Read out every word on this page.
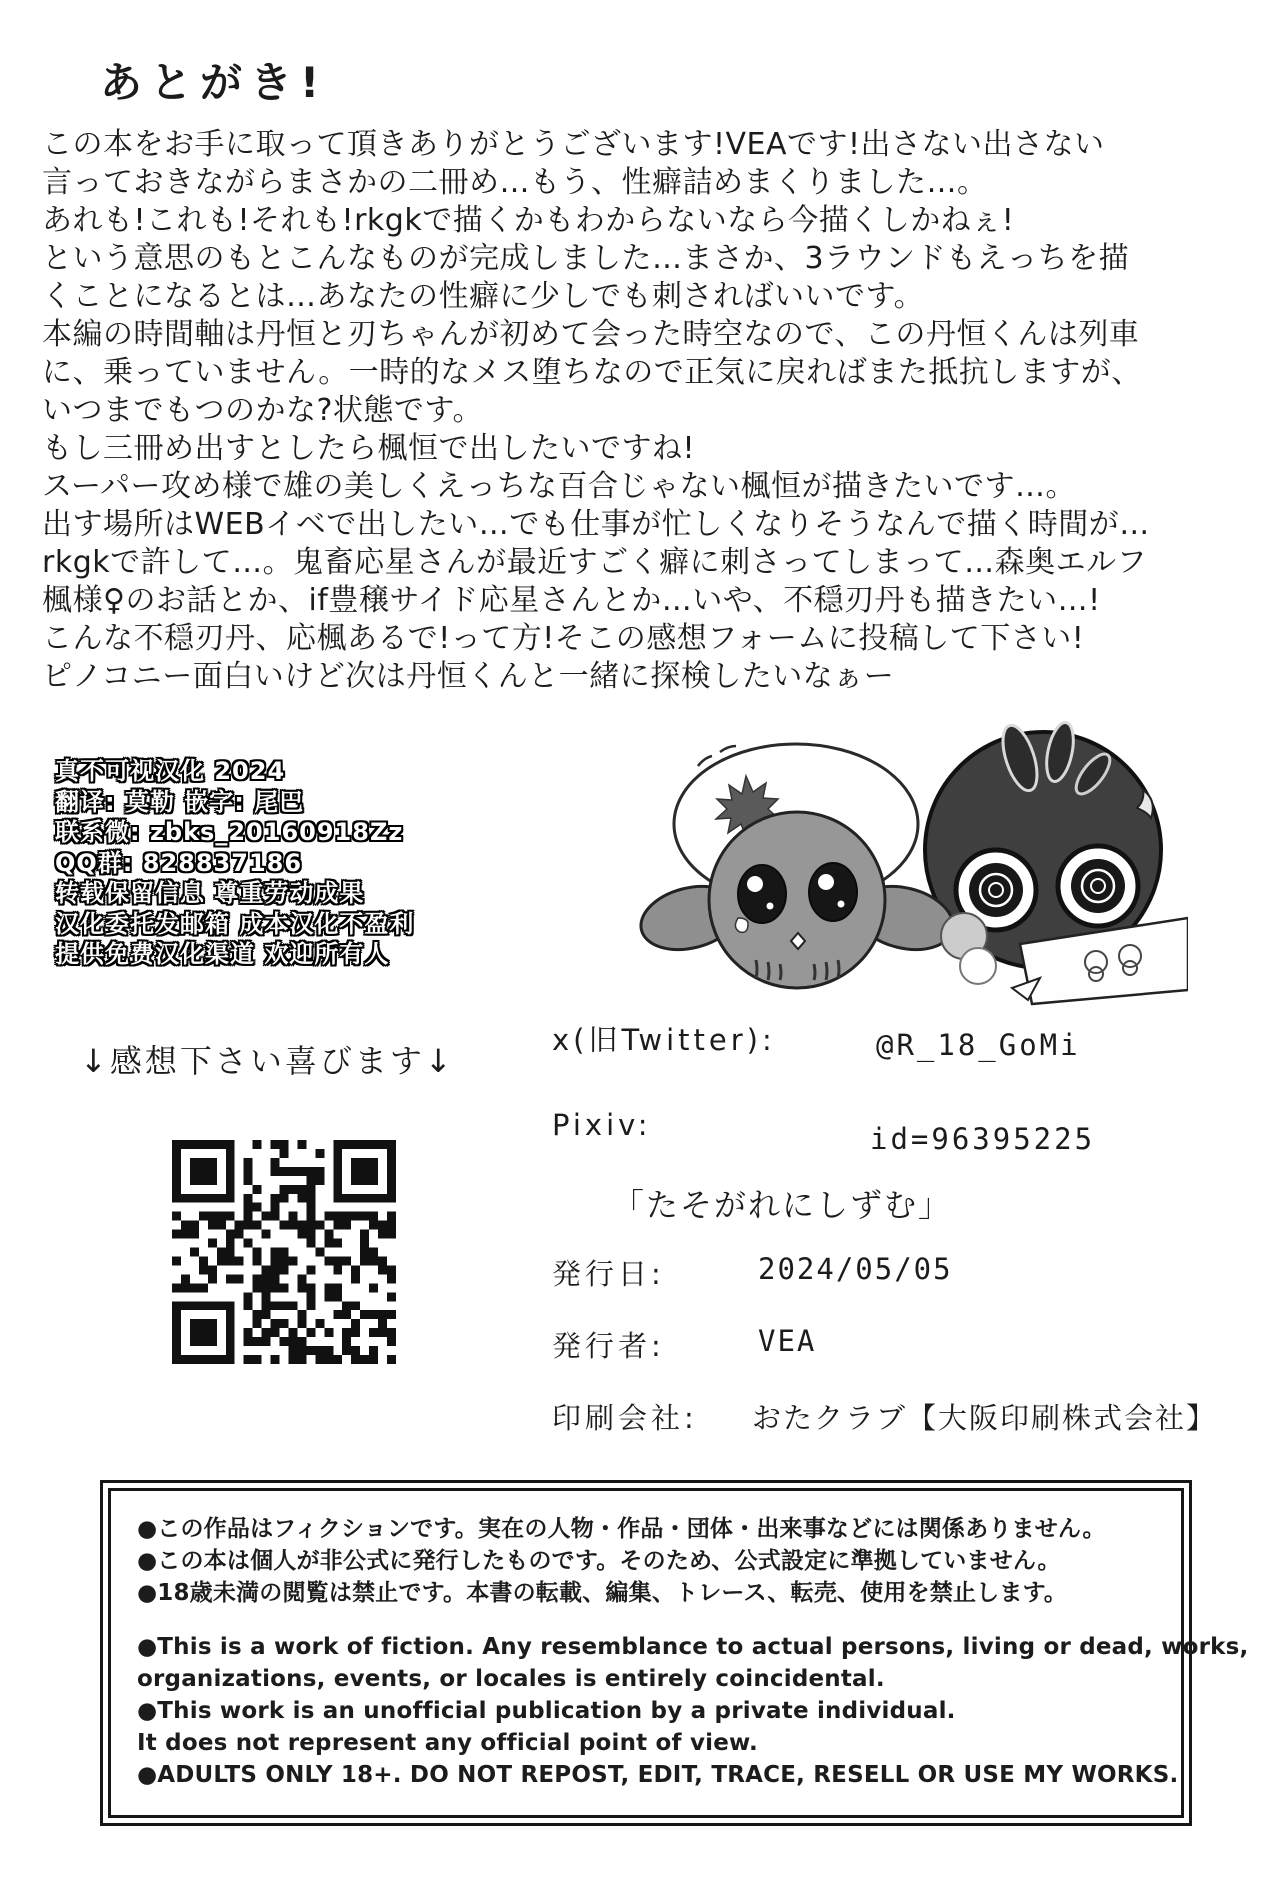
あとがき!
この本をお手に取って頂きありがとうございます!VEAです!出さない出さない
言っておきながらまさかの二冊め…もう、性癖詰めまくりました…。
あれも!これも!それも!rkgkで描くかもわからないなら今描くしかねぇ!
という意思のもとこんなものが完成しました…まさか、3ラウンドもえっちを描
くことになるとは…あなたの性癖に少しでも刺さればいいです。
本編の時間軸は丹恒と刃ちゃんが初めて会った時空なので、この丹恒くんは列車
に、乗っていません。一時的なメス堕ちなので正気に戻ればまた抵抗しますが、
いつまでもつのかな?状態です。
もし三冊め出すとしたら楓恒で出したいですね!
スーパー攻め様で雄の美しくえっちな百合じゃない楓恒が描きたいです…。
出す場所はWEBイベで出したい…でも仕事が忙しくなりそうなんで描く時間が…
rkgkで許して…。鬼畜応星さんが最近すごく癖に刺さってしまって…森奥エルフ
楓様♀のお話とか、if豊穣サイド応星さんとか…いや、不穏刃丹も描きたい…!
こんな不穏刃丹、応楓あるで!って方!そこの感想フォームに投稿して下さい!
ピノコニー面白いけど次は丹恒くんと一緒に探検したいなぁー
真不可视汉化 2024
翻译: 莫勒 嵌字: 尾巴
联系微: zbks_20160918Zz
QQ群: 828837186
转载保留信息 尊重劳动成果
汉化委托发邮箱 成本汉化不盈利
提供免费汉化渠道 欢迎所有人
↓感想下さい喜びます↓
x(旧Twitter):	@R_18_GoMi
Pixiv:	id=96395225
「たそがれにしずむ」
発行日:	2024/05/05
発行者:	VEA
印刷会社: おたクラブ【大阪印刷株式会社】
●この作品はフィクションです。実在の人物・作品・団体・出来事などには関係ありません。
●この本は個人が非公式に発行したものです。そのため、公式設定に準拠していません。
●18歳未満の閲覧は禁止です。本書の転載、編集、トレース、転売、使用を禁止します。
●This is a work of fiction. Any resemblance to actual persons, living or dead, works,
organizations, events, or locales is entirely coincidental.
●This work is an unofficial publication by a private individual.
It does not represent any official point of view.
●ADULTS ONLY 18+. DO NOT REPOST, EDIT, TRACE, RESELL OR USE MY WORKS.
